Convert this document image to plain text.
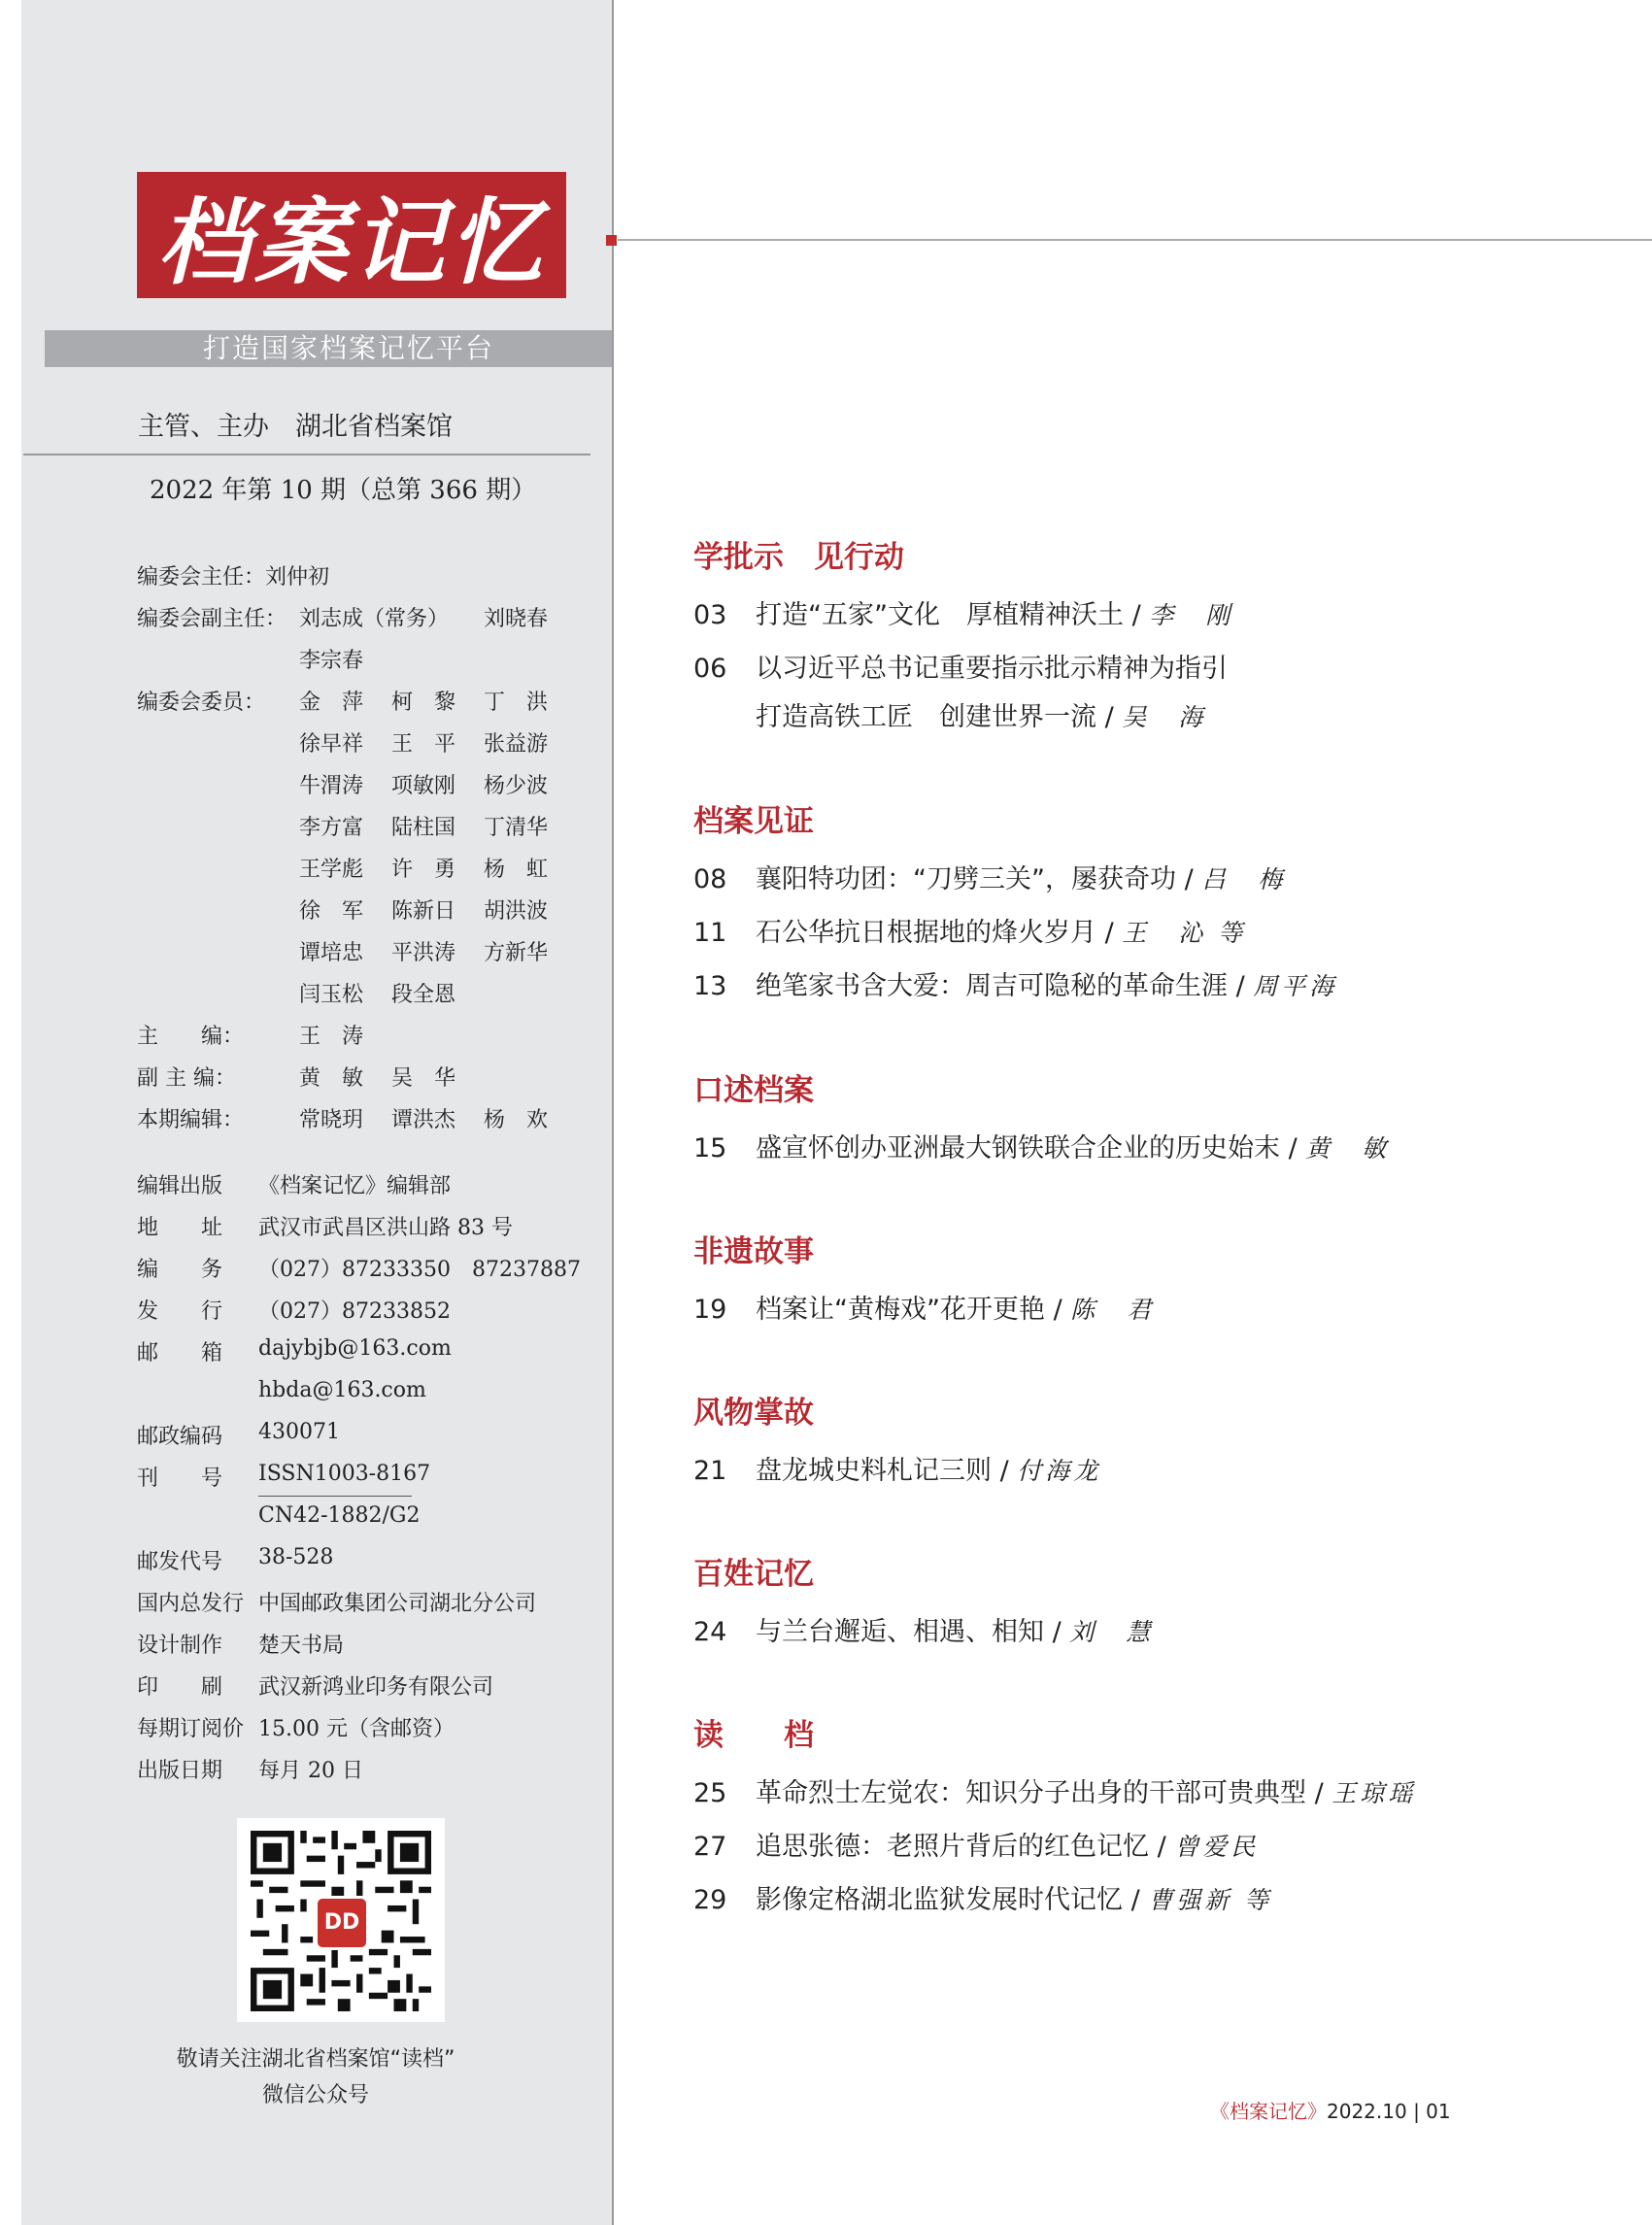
档案记忆
打造国家档案记忆平台
主管、主办　湖北省档案馆
2022 年第 10 期（总第 366 期）
编委会主任：刘仲初
编委会副主任： 刘志成（常务） 刘晓春
李宗春
编委会委员： 金　萍 柯　黎 丁　洪
徐早祥 王　平 张益游
牛渭涛 项敏刚 杨少波
李方富 陆柱国 丁清华
王学彪 许　勇 杨　虹
徐　军 陈新日 胡洪波
谭培忠 平洪涛 方新华
闫玉松 段全恩
主　　编：	王　涛
副 主 编：	黄　敏 吴　华
本期编辑：	常晓玥 谭洪杰 杨　欢
编辑出版 《档案记忆》编辑部
地　　址 武汉市武昌区洪山路 83 号
编　　务 （027）87233350　87237887
发　　行 （027）87233852
邮　　箱 dajybjb@163.com
hbda@163.com
邮政编码 430071
刊　　号 ISSN1003-8167
CN42-1882/G2
邮发代号 38-528
国内总发行 中国邮政集团公司湖北分公司
设计制作 楚天书局
印　　刷 武汉新鸿业印务有限公司
每期订阅价 15.00 元（含邮资）
出版日期 每月 20 日
DD
敬请关注湖北省档案馆“读档”
微信公众号
学批示　见行动
03 打造“五家”文化　厚植精神沃土 / 李　刚
06 以习近平总书记重要指示批示精神为指引
打造高铁工匠　创建世界一流 / 吴　海
档案见证
08 襄阳特功团：“刀劈三关”，屡获奇功 / 吕　梅
11 石公华抗日根据地的烽火岁月 / 王　沁 等
13 绝笔家书含大爱：周吉可隐秘的革命生涯 / 周平海
口述档案
15 盛宣怀创办亚洲最大钢铁联合企业的历史始末 / 黄　敏
非遗故事
19 档案让“黄梅戏”花开更艳 / 陈　君
风物掌故
21 盘龙城史料札记三则 / 付海龙
百姓记忆
24 与兰台邂逅、相遇、相知 / 刘　慧
读　　档
25 革命烈士左觉农：知识分子出身的干部可贵典型 / 王琼瑶
27 追思张德：老照片背后的红色记忆 / 曾爱民
29 影像定格湖北监狱发展时代记忆 / 曹强新 等
《档案记忆》2022.10 | 01
